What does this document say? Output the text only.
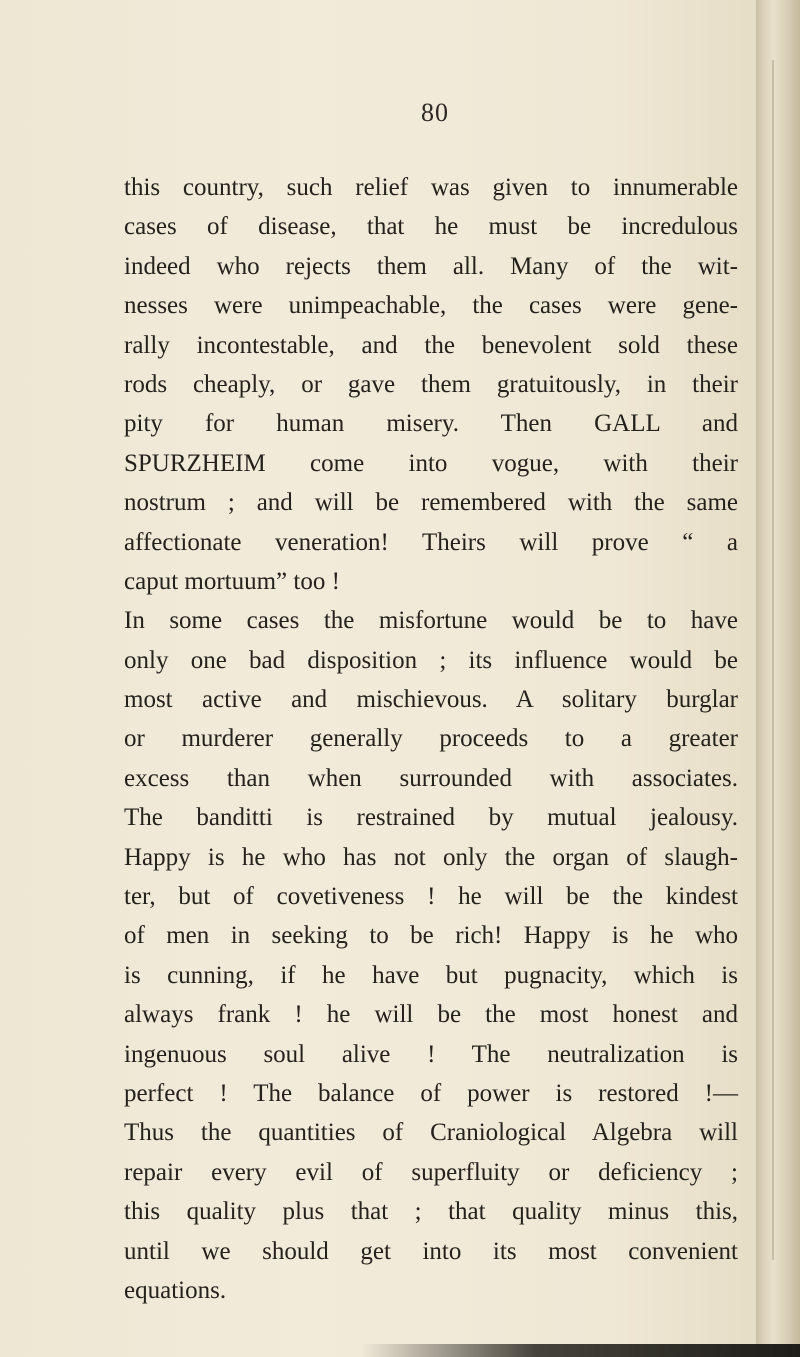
80
this country, such relief was given to innumerable
cases of disease, that he must be incredulous
indeed who rejects them all. Many of the wit-
nesses were unimpeachable, the cases were gene-
rally incontestable, and the benevolent sold these
rods cheaply, or gave them gratuitously, in their
pity for human misery. Then GALL and
SPURZHEIM come into vogue, with their
nostrum ; and will be remembered with the same
affectionate veneration! Theirs will prove “ a
caput mortuum” too !
In some cases the misfortune would be to have
only one bad disposition ; its influence would be
most active and mischievous. A solitary burglar
or murderer generally proceeds to a greater
excess than when surrounded with associates.
The banditti is restrained by mutual jealousy.
Happy is he who has not only the organ of slaugh-
ter, but of covetiveness ! he will be the kindest
of men in seeking to be rich! Happy is he who
is cunning, if he have but pugnacity, which is
always frank ! he will be the most honest and
ingenuous soul alive ! The neutralization is
perfect ! The balance of power is restored !—
Thus the quantities of Craniological Algebra will
repair every evil of superfluity or deficiency ;
this quality plus that ; that quality minus this,
until we should get into its most convenient
equations.
